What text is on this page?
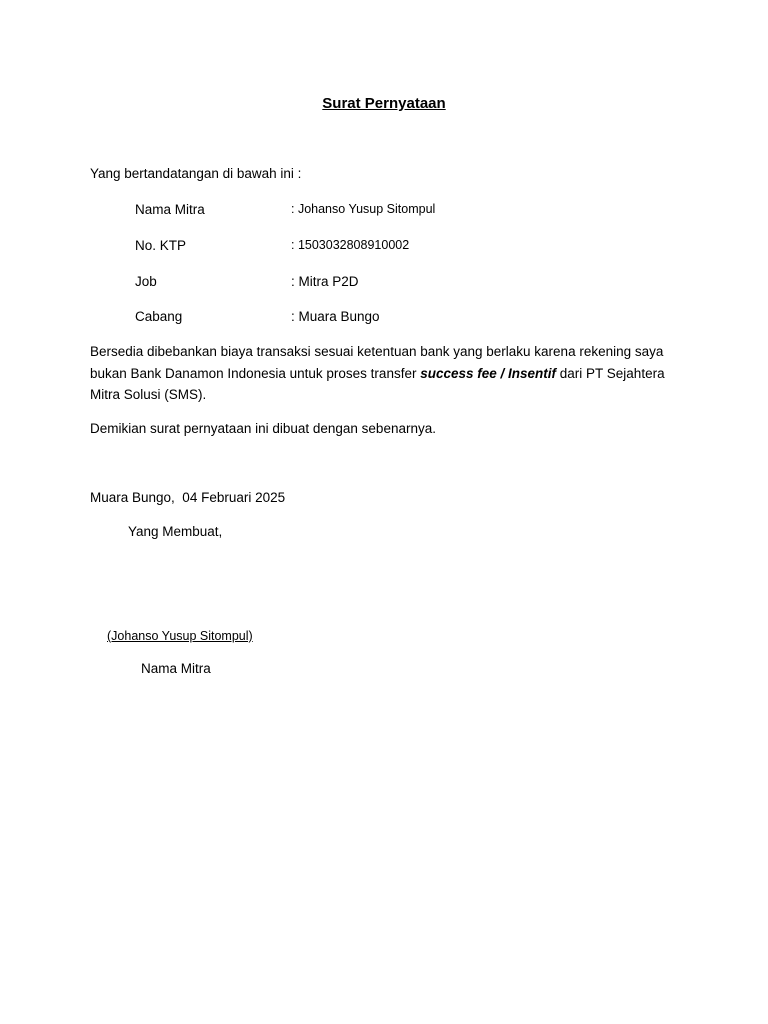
Surat Pernyataan
Yang bertandatangan di bawah ini :
Nama Mitra	: Johanso Yusup Sitompul
No. KTP	: 1503032808910002
Job	: Mitra P2D
Cabang	: Muara Bungo
Bersedia dibebankan biaya transaksi sesuai ketentuan bank yang berlaku karena rekening saya bukan Bank Danamon Indonesia untuk proses transfer success fee / Insentif dari PT Sejahtera Mitra Solusi (SMS).
Demikian surat pernyataan ini dibuat dengan sebenarnya.
Muara Bungo,  04 Februari 2025
Yang Membuat,
(Johanso Yusup Sitompul)
Nama Mitra
